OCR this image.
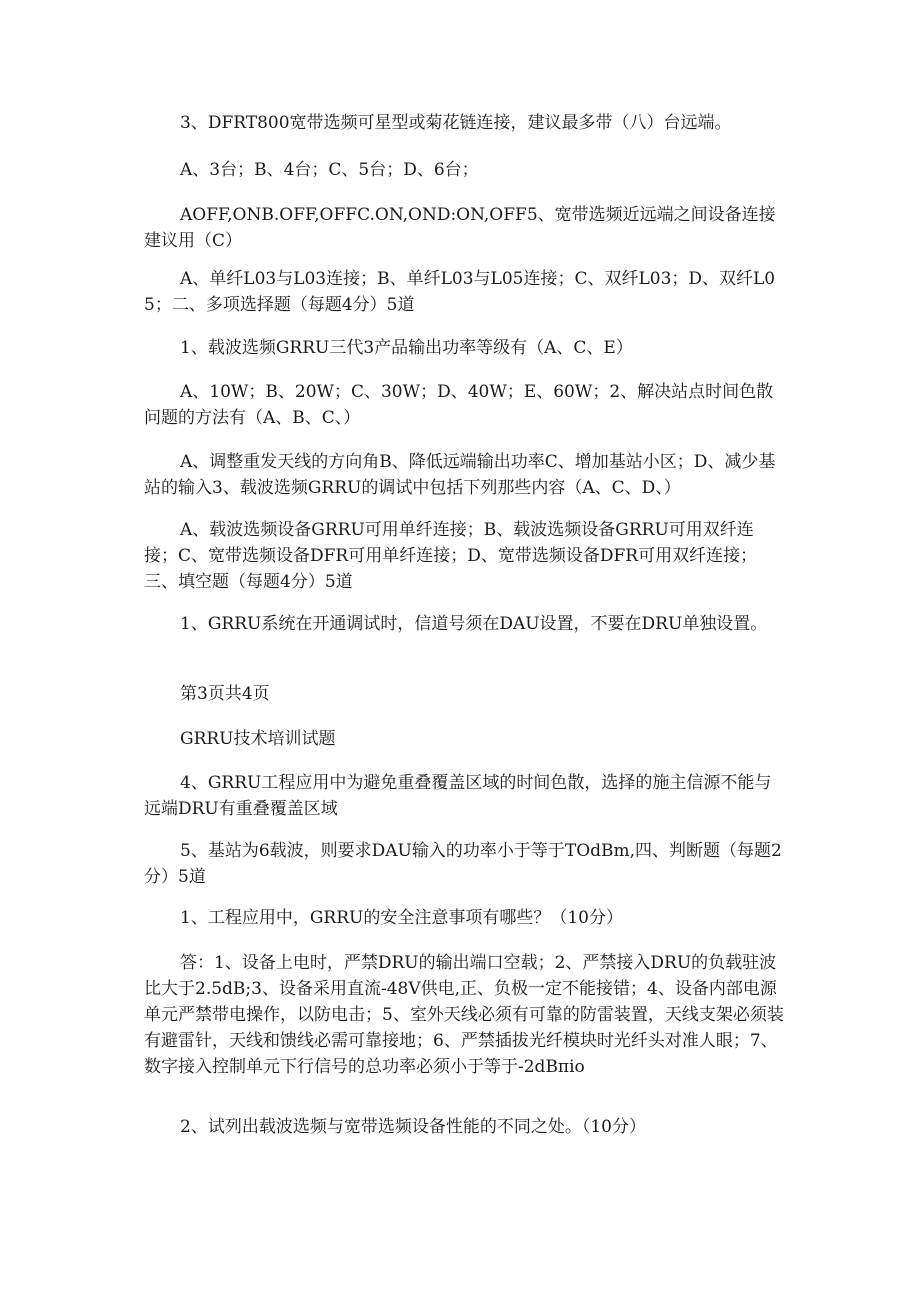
3、DFRT800宽带选频可星型或菊花链连接，建议最多带（八）台远端。

A、3台；B、4台；C、5台；D、6台；

AOFF,ONB.OFF,OFFC.ON,OND:ON,OFF5、宽带选频近远端之间设备连接建议用（C）

A、单纤L03与L03连接；B、单纤L03与L05连接；C、双纤L03；D、双纤L05；二、多项选择题（每题4分）5道

1、载波选频GRRU三代3产品输出功率等级有（A、C、E）

A、10W；B、20W；C、30W；D、40W；E、60W；2、解决站点时间色散问题的方法有（A、B、C、）

A、调整重发天线的方向角B、降低远端输出功率C、增加基站小区；D、减少基站的输入3、载波选频GRRU的调试中包括下列那些内容（A、C、D、）

A、载波选频设备GRRU可用单纤连接；B、载波选频设备GRRU可用双纤连接；C、宽带选频设备DFR可用单纤连接；D、宽带选频设备DFR可用双纤连接；三、填空题（每题4分）5道

1、GRRU系统在开通调试时，信道号须在DAU设置，不要在DRU单独设置。

第3页共4页

GRRU技术培训试题

4、GRRU工程应用中为避免重叠覆盖区域的时间色散，选择的施主信源不能与远端DRU有重叠覆盖区域

5、基站为6载波，则要求DAU输入的功率小于等于TOdBm,四、判断题（每题2分）5道

1、工程应用中，GRRU的安全注意事项有哪些？（10分）

答：1、设备上电时，严禁DRU的输出端口空载；2、严禁接入DRU的负载驻波比大于2.5dB;3、设备采用直流-48V供电,正、负极一定不能接错；4、设备内部电源单元严禁带电操作，以防电击；5、室外天线必须有可靠的防雷装置，天线支架必须装有避雷针，天线和馈线必需可靠接地；6、严禁插拔光纤模块时光纤头对准人眼；7、数字接入控制单元下行信号的总功率必须小于等于-2dBπio

2、试列出载波选频与宽带选频设备性能的不同之处。（10分）
